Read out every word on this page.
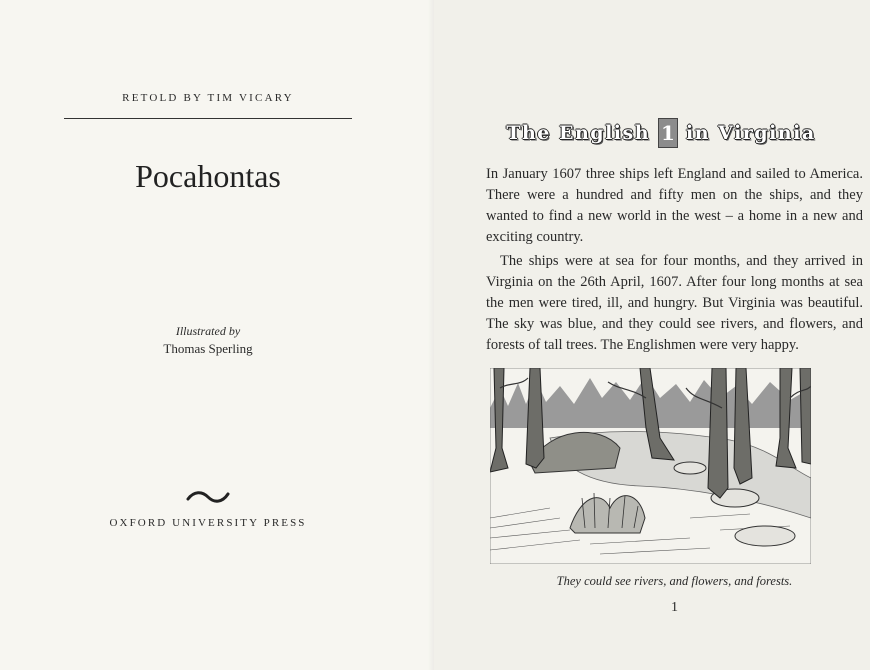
RETOLD BY TIM VICARY
Pocahontas
Illustrated by
Thomas Sperling
OXFORD UNIVERSITY PRESS
The English 1 in Virginia

In January 1607 three ships left England and sailed to America. There were a hundred and fifty men on the ships, and they wanted to find a new world in the west – a home in a new and exciting country.

The ships were at sea for four months, and they arrived in Virginia on the 26th April, 1607. After four long months at sea the men were tired, ill, and hungry. But Virginia was beautiful. The sky was blue, and they could see rivers, and flowers, and forests of tall trees. The Englishmen were very happy.

They could see rivers, and flowers, and forests.
1
